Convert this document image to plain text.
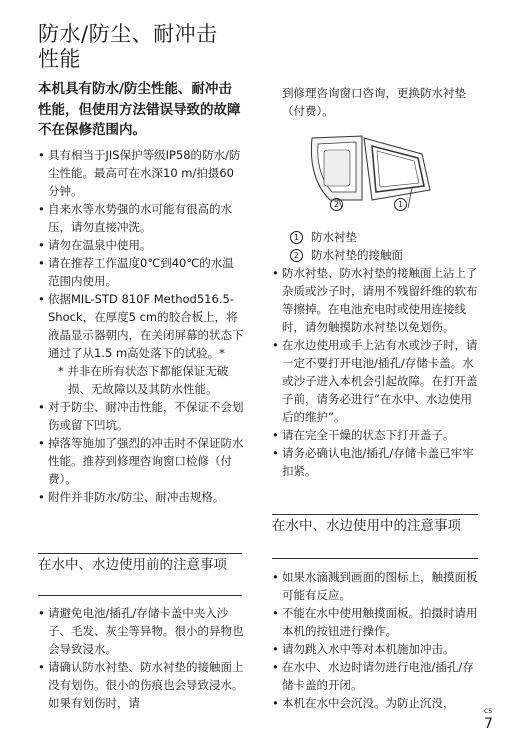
防水/防尘、耐冲击性能

本机具有防水/防尘性能、耐冲击性能，但使用方法错误导致的故障不在保修范围内。

• 具有相当于JIS保护等级IP58的防水/防尘性能。最高可在水深10 m/拍摄60分钟。
• 自来水等水势强的水可能有很高的水压，请勿直接冲洗。
• 请勿在温泉中使用。
• 请在推荐工作温度0℃到40℃的水温范围内使用。
• 依据MIL-STD 810F Method516.5-Shock，在厚度5 cm的胶合板上，将液晶显示器朝内，在关闭屏幕的状态下通过了从1.5 m高处落下的试验。*
* 并非在所有状态下都能保证无破损、无故障以及其防水性能。
• 对于防尘、耐冲击性能，不保证不会划伤或留下凹坑。
• 掉落等施加了强烈的冲击时不保证防水性能。推荐到修理咨询窗口检修（付费）。
• 附件并非防水/防尘、耐冲击规格。
在水中、水边使用前的注意事项
• 请避免电池/插孔/存储卡盖中夹入沙子、毛发、灰尘等异物。很小的异物也会导致浸水。
• 请确认防水衬垫、防水衬垫的接触面上没有划伤。很小的伤痕也会导致浸水。如果有划伤时，请
到修理咨询窗口咨询，更换防水衬垫（付费）。
2	1
1	防水衬垫
2	防水衬垫的接触面
• 防水衬垫、防水衬垫的接触面上沾上了杂质或沙子时，请用不残留纤维的软布等擦掉。在电池充电时或使用连接线时，请勿触摸防水衬垫以免划伤。
• 在水边使用或手上沾有水或沙子时，请一定不要打开电池/插孔/存储卡盖。水或沙子进入本机会引起故障。在打开盖子前，请务必进行“在水中、水边使用后的维护”。
• 请在完全干燥的状态下打开盖子。
• 请务必确认电池/插孔/存储卡盖已牢牢扣紧。
在水中、水边使用中的注意事项
• 如果水滴溅到画面的图标上，触摸面板可能有反应。
• 不能在水中使用触摸面板。拍摄时请用本机的按钮进行操作。
• 请勿跳入水中等对本机施加冲击。
• 在水中、水边时请勿进行电池/插孔/存储卡盖的开闭。
• 本机在水中会沉没。为防止沉没，
CS
7
